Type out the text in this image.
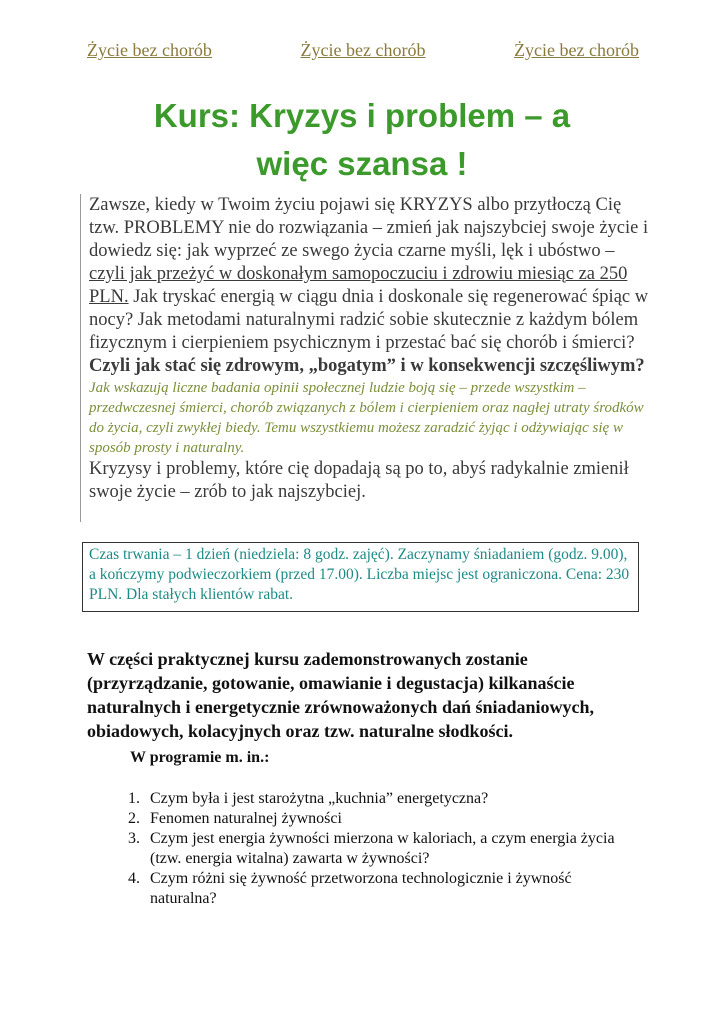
Życie bez chorób	Życie bez chorób	Życie bez chorób
Kurs: Kryzys i problem – a
więc szansa !
Zawsze, kiedy w Twoim życiu pojawi się KRYZYS albo przytłoczą Cię tzw. PROBLEMY nie do rozwiązania – zmień jak najszybciej swoje życie i dowiedz się: jak wyprzeć ze swego życia czarne myśli, lęk i ubóstwo – czyli jak przeżyć w doskonałym samopoczuciu i zdrowiu miesiąc za 250 PLN. Jak tryskać energią w ciągu dnia i doskonale się regenerować śpiąc w nocy? Jak metodami naturalnymi radzić sobie skutecznie z każdym bólem fizycznym i cierpieniem psychicznym i przestać bać się chorób i śmierci? Czyli jak stać się zdrowym, „bogatym” i w konsekwencji szczęśliwym?
Jak wskazują liczne badania opinii społecznej ludzie boją się – przede wszystkim – przedwczesnej śmierci, chorób związanych z bólem i cierpieniem oraz nagłej utraty środków do życia, czyli zwykłej biedy. Temu wszystkiemu możesz zaradzić żyjąc i odżywiając się w sposób prosty i naturalny.
Kryzysy i problemy, które cię dopadają są po to, abyś radykalnie zmienił swoje życie – zrób to jak najszybciej.
Czas trwania – 1 dzień (niedziela: 8 godz. zajęć). Zaczynamy śniadaniem (godz. 9.00), a kończymy podwieczorkiem (przed 17.00). Liczba miejsc jest ograniczona. Cena: 230 PLN. Dla stałych klientów rabat.
W części praktycznej kursu zademonstrowanych zostanie (przyrządzanie, gotowanie, omawianie i degustacja) kilkanaście naturalnych i energetycznie zrównoważonych dań śniadaniowych, obiadowych, kolacyjnych oraz tzw. naturalne słodkości.
W programie m. in.:
1. Czym była i jest starożytna „kuchnia” energetyczna?
2. Fenomen naturalnej żywności
3. Czym jest energia żywności mierzona w kaloriach, a czym energia życia (tzw. energia witalna) zawarta w żywności?
4. Czym różni się żywność przetworzona technologicznie i żywność naturalna?
